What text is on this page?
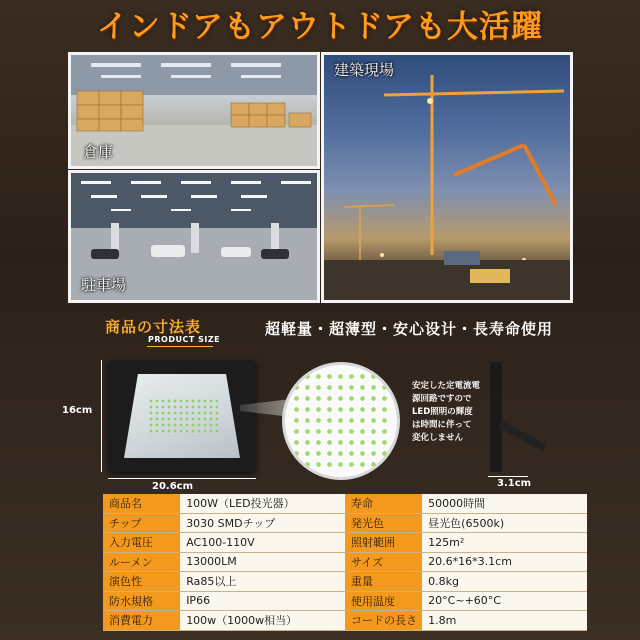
インドアもアウトドアも大活躍
倉庫
駐車場
建築現場
商品の寸法表
PRODUCT SIZE
超軽量・超薄型・安心设计・長寿命使用
16cm
20.6cm
安定した定電流電
源回路ですので
LED照明の輝度
は時間に伴って
変化しません
3.1cm
商品名	100W（LED投光器）	寿命	50000時間
チップ	3030 SMDチップ	発光色	昼光色(6500k)
入力電圧	AC100-110V	照射範囲	125m²
ルーメン	13000LM	サイズ	20.6*16*3.1cm
演色性	Ra85以上	重量	0.8kg
防水規格	IP66	使用温度	20°C~+60°C
消費電力	100w（1000w相当）	コードの長さ	1.8m
